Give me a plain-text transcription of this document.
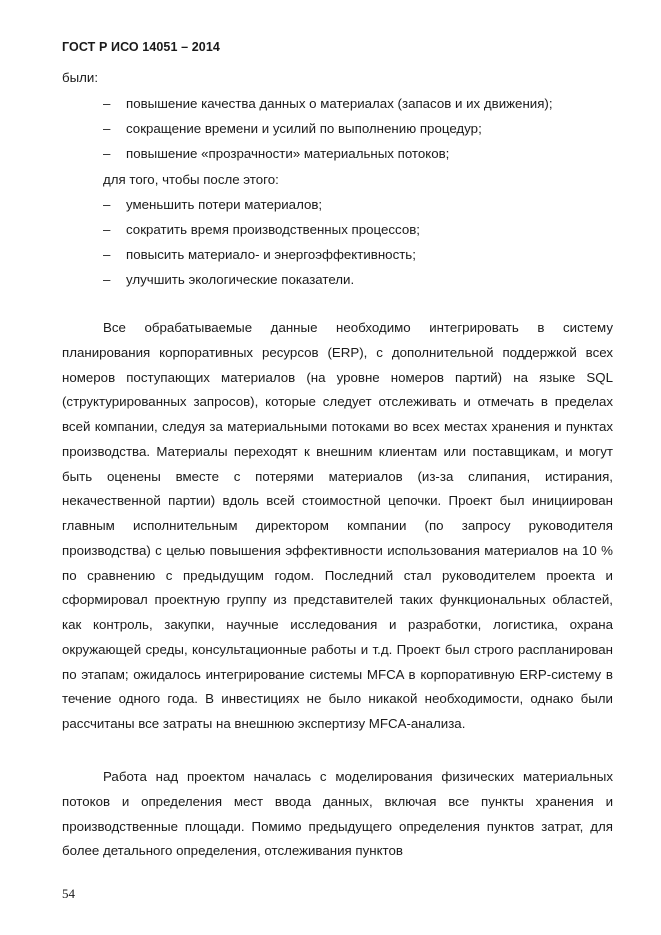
ГОСТ Р ИСО 14051 – 2014
были:
– повышение качества данных о материалах (запасов и их движения);
– сокращение времени и усилий по выполнению процедур;
– повышение «прозрачности» материальных потоков;
для того, чтобы после этого:
– уменьшить потери материалов;
– сократить время производственных процессов;
– повысить материало- и энергоэффективность;
– улучшить экологические показатели.

Все обрабатываемые данные необходимо интегрировать в систему планирования корпоративных ресурсов (ERP), с дополнительной поддержкой всех номеров поступающих материалов (на уровне номеров партий) на языке SQL (структурированных запросов), которые следует отслеживать и отмечать в пределах всей компании, следуя за материальными потоками во всех местах хранения и пунктах производства. Материалы переходят к внешним клиентам или поставщикам, и могут быть оценены вместе с потерями материалов (из-за слипания, истирания, некачественной партии) вдоль всей стоимостной цепочки. Проект был инициирован главным исполнительным директором компании (по запросу руководителя производства) с целью повышения эффективности использования материалов на 10 % по сравнению с предыдущим годом. Последний стал руководителем проекта и сформировал проектную группу из представителей таких функциональных областей, как контроль, закупки, научные исследования и разработки, логистика, охрана окружающей среды, консультационные работы и т.д. Проект был строго распланирован по этапам; ожидалось интегрирование системы MFCA в корпоративную ERP-систему в течение одного года. В инвестициях не было никакой необходимости, однако были рассчитаны все затраты на внешнюю экспертизу MFCA-анализа.

Работа над проектом началась с моделирования физических материальных потоков и определения мест ввода данных, включая все пункты хранения и производственные площади. Помимо предыдущего определения пунктов затрат, для более детального определения, отслеживания пунктов

54
